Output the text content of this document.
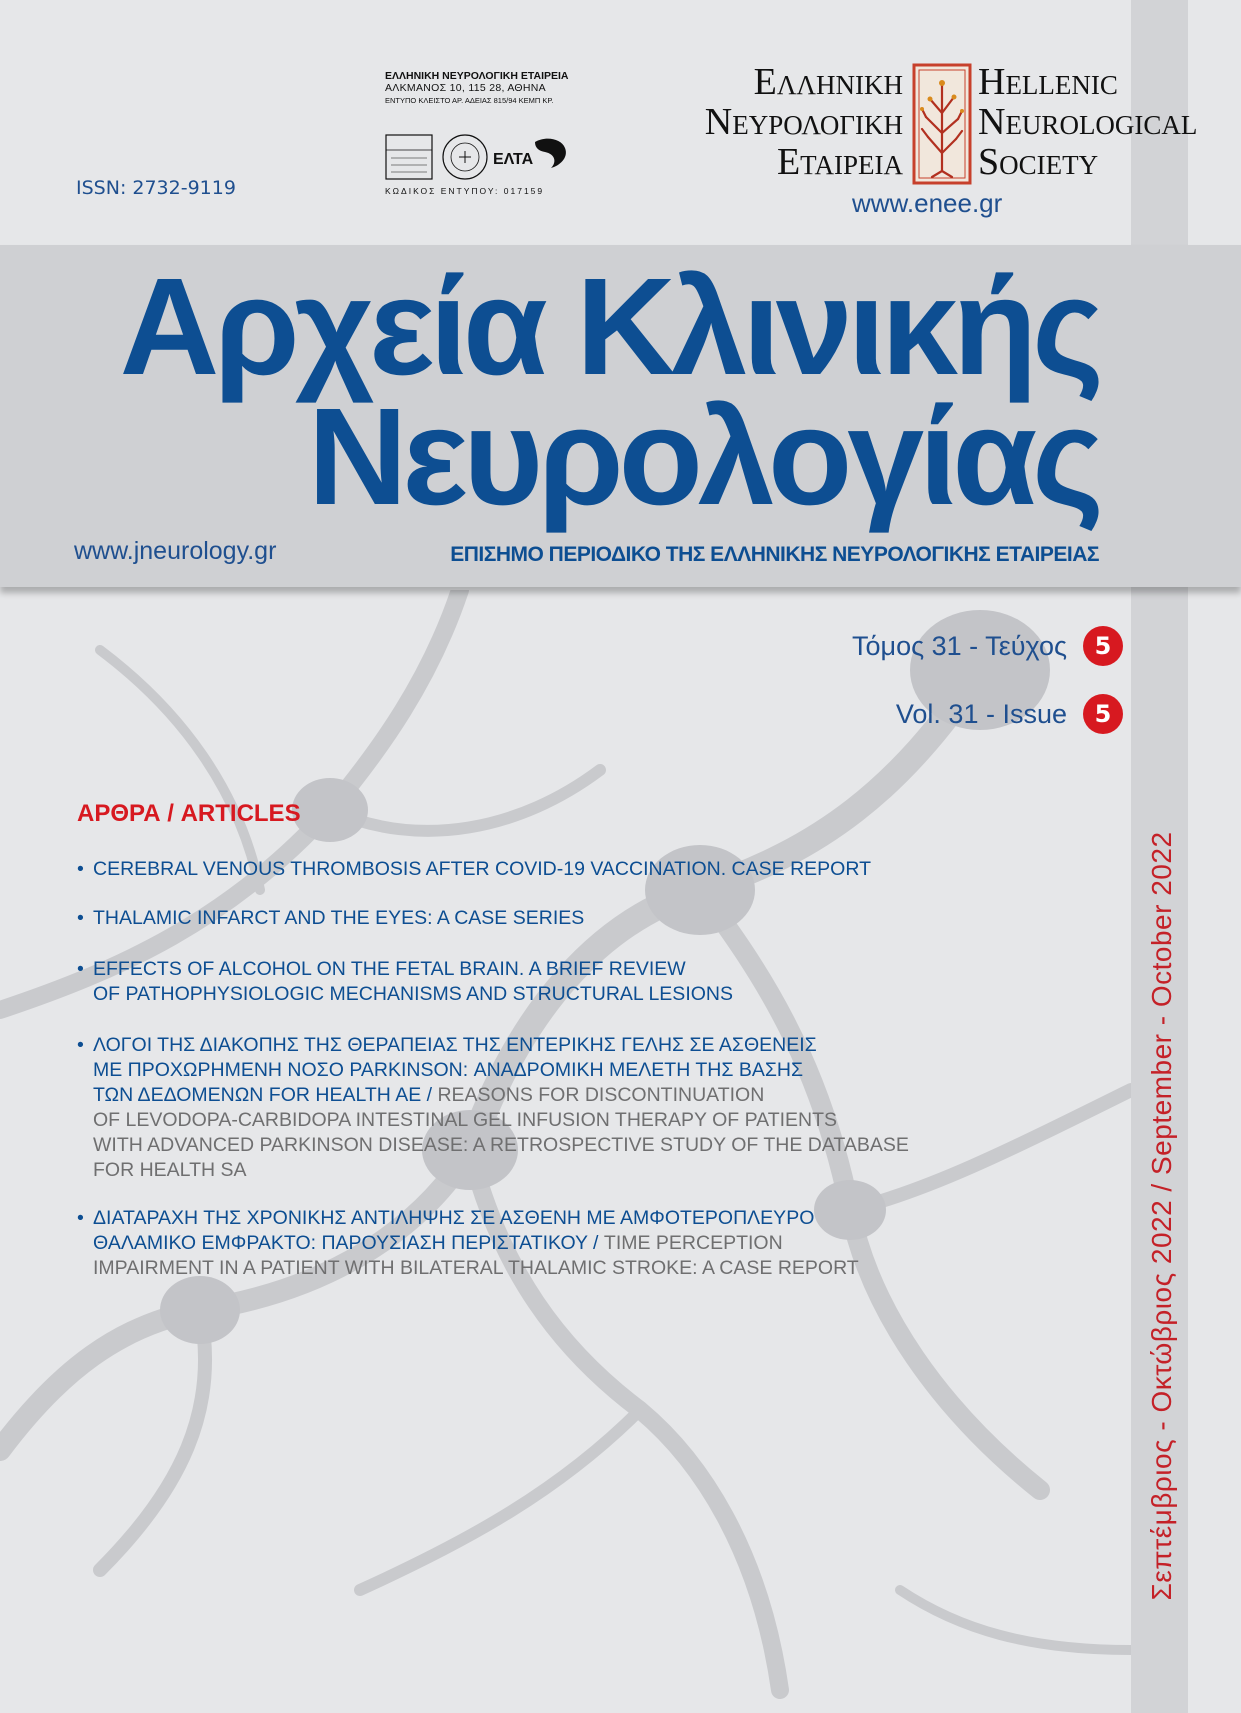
ISSN: 2732-9119
ΕΛΛΗΝΙΚΗ ΝΕΥΡΟΛΟΓΙΚΗ ΕΤΑΙΡΕΙΑ
ΑΛΚΜΑΝΟΣ 10, 115 28, ΑΘΗΝΑ
ΕΝΤΥΠΟ ΚΛΕΙΣΤΟ ΑΡ. ΑΔΕΙΑΣ 815/94 ΚΕΜΠ ΚΡ.
ΕΛΤΑ
ΚΩΔΙΚΟΣ ΕΝΤΥΠΟΥ: 017159
Ελληνικη
Νευρολογικη
Εταιρεια
Hellenic
Neurological
Society
www.enee.gr
Αρχεία Κλινικής
Νευρολογίας
www.jneurology.gr	ΕΠΙΣΗΜΟ ΠΕΡΙΟΔΙΚΟ ΤΗΣ ΕΛΛΗΝΙΚΗΣ ΝΕΥΡΟΛΟΓΙΚΗΣ ΕΤΑΙΡΕΙΑΣ
Τόμος 31 - Τεύχος	5
Vol. 31 - Issue	5
ΑΡΘΡΑ / ARTICLES
• CEREBRAL VENOUS THROMBOSIS AFTER COVID-19 VACCINATION. CASE REPORT
• THALAMIC INFARCT AND THE EYES: A CASE SERIES
• EFFECTS OF ALCOHOL ON THE FETAL BRAIN. A BRIEF REVIEW
OF PATHOPHYSIOLOGIC MECHANISMS AND STRUCTURAL LESIONS
• ΛΟΓΟΙ ΤΗΣ ΔΙΑΚΟΠΗΣ ΤΗΣ ΘΕΡΑΠΕΙΑΣ ΤΗΣ ΕΝΤΕΡΙΚΗΣ ΓΕΛΗΣ ΣΕ ΑΣΘΕΝΕΙΣ
ΜΕ ΠΡΟΧΩΡΗΜΕΝΗ ΝΟΣΟ PARKINSON: ΑΝΑΔΡΟΜΙΚΗ ΜΕΛΕΤΗ ΤΗΣ ΒΑΣΗΣ
ΤΩΝ ΔΕΔΟΜΕΝΩΝ FOR HEALTH AE / REASONS FOR DISCONTINUATION
OF LEVODOPA-CARBIDOPA INTESTINAL GEL INFUSION THERAPY OF PATIENTS
WITH ADVANCED PARKINSON DISEASE: A RETROSPECTIVE STUDY OF THE DATABASE
FOR HEALTH SA
• ΔΙΑΤΑΡΑΧΗ ΤΗΣ ΧΡΟΝΙΚΗΣ ΑΝΤΙΛΗΨΗΣ ΣΕ ΑΣΘΕΝΗ ΜΕ ΑΜΦΟΤΕΡΟΠΛΕΥΡΟ
ΘΑΛΑΜΙΚΟ ΕΜΦΡΑΚΤΟ: ΠΑΡΟΥΣΙΑΣΗ ΠΕΡΙΣΤΑΤΙΚΟΥ / TIME PERCEPTION
IMPAIRMENT IN A PATIENT WITH BILATERAL THALAMIC STROKE: A CASE REPORT	Σεπτέμβριος - Οκτώβριος 2022 / September - October 2022
